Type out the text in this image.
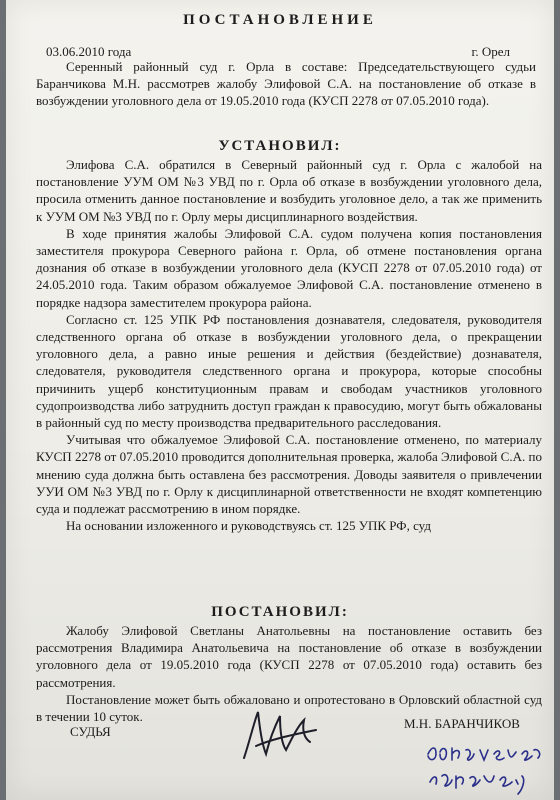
ПОСТАНОВЛЕНИЕ
03.06.2010 года	г. Орел
Серенный районный суд г. Орла в составе: Председательствующего судьи Баранчикова М.Н. рассмотрев жалобу Элифовой С.А. на постановление об отказе в возбуждении уголовного дела от 19.05.2010 года (КУСП 2278 от 07.05.2010 года).
УСТАНОВИЛ:

Элифова С.А. обратился в Северный районный суд г. Орла с жалобой на постановление УУМ ОМ №3 УВД по г. Орла об отказе в возбуждении уголовного дела, просила отменить данное постановление и возбудить уголовное дело, а так же применить к УУМ ОМ №3 УВД по г. Орлу меры дисциплинарного воздействия.

В ходе принятия жалобы Элифовой С.А. судом получена копия постановления заместителя прокурора Северного района г. Орла, об отмене постановления органа дознания об отказе в возбуждении уголовного дела (КУСП 2278 от 07.05.2010 года) от 24.05.2010 года. Таким образом обжалуемое Элифовой С.А. постановление отменено в порядке надзора заместителем прокурора района.

Согласно ст. 125 УПК РФ постановления дознавателя, следователя, руководителя следственного органа об отказе в возбуждении уголовного дела, о прекращении уголовного дела, а равно иные решения и действия (бездействие) дознавателя, следователя, руководителя следственного органа и прокурора, которые способны причинить ущерб конституционным правам и свободам участников уголовного судопроизводства либо затруднить доступ граждан к правосудию, могут быть обжалованы в районный суд по месту производства предварительного расследования.

Учитывая что обжалуемое Элифовой С.А. постановление отменено, по материалу КУСП 2278 от 07.05.2010 проводится дополнительная проверка, жалоба Элифовой С.А. по мнению суда должна быть оставлена без рассмотрения. Доводы заявителя о привлечении УУИ ОМ №3 УВД по г. Орлу к дисциплинарной ответственности не входят компетенцию суда и подлежат рассмотрению в ином порядке.

На основании изложенного и руководствуясь ст. 125 УПК РФ, суд

ПОСТАНОВИЛ:

Жалобу Элифовой Светланы Анатольевны на постановление оставить без рассмотрения Владимира Анатольевича на постановление об отказе в возбуждении уголовного дела от 19.05.2010 года (КУСП 2278 от 07.05.2010 года) оставить без рассмотрения.

Постановление может быть обжаловано и опротестовано в Орловский областной суд в течении 10 суток.

СУДЬЯ
М.Н. БАРАНЧИКОВ
